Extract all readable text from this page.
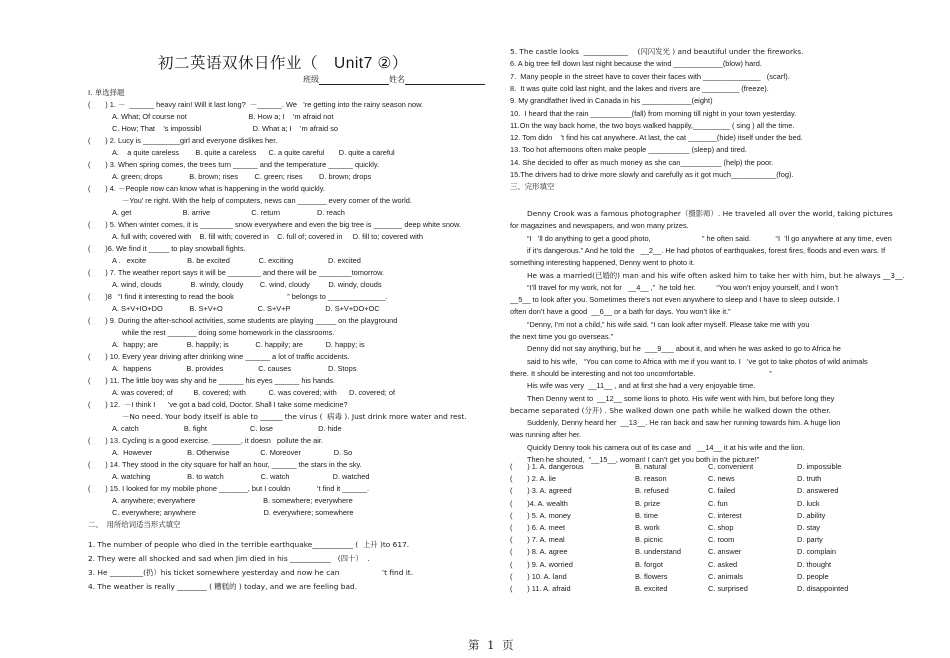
初二英语双休日作业（　Unit7 ②）
班级	姓名
Ⅰ. 单选择题
(　　) 1. －  ______ heavy rain! Will it last long?  －______. We   ’re getting into the rainy season now.
A. What; Of course not                              B. How a; I    ’m afraid not
C. How; That    ’s impossibl                         D. What a; I    ’m afraid so
(　　) 2. Lucy is _________girl and everyone dislikes her.
A.    a quite careless        B. quite a careless      C. a quite careful       D. quite a careful
(　　) 3. When spring comes, the trees turn ______ and the temperature ______ quickly.
A. green; drops             B. brown; rises        C. green; rises        D. brown; drops
(　　) 4. －People now can know what is happening in the world quickly.
－You’ re right. With the help of computers, news can _______ every corner of the world.
A. get                         B. arrive                    C. return                  D. reach
(　　) 5. When winter comes, it is ________ snow everywhere and even the big tree is _______ deep white snow.
A. full with; covered with    B. fill with; covered in    C. full of; covered in     D. fill to; covered with
(　　)6. We find it _____ to play snowball fights.
A .   excite                    B. be excited              C. exciting                 D. excited
(　　) 7. The weather report says it will be ________ and there will be ________tomorrow.
A. wind, clouds              B. windy, cloudy        C. wind, cloudy         D. windy, clouds
(　　)8   “I find it interesting to read the book                          ” belongs to ______________.
A. S+V+IO+DO             B. S+V+O                 C. S+V+P                 D. S+V+DO+OC
(　　) 9. During the after-school activities, some students are playing _____ on the playground
while the rest _______ doing some homework in the classrooms.
A.  happy; are              B. happily; is             C. happily; are           D. happy; is
(　　) 10. Every year driving after drinking wine ______ a lot of traffic accidents.
A.  happens                 B. provides                 C. causes                  D. Stops
(　　) 11. The little boy was shy and he ______ his eyes ______ his hands.
A. was covered; of          B. covered; with           C. was covered; with      D. covered; of
(　　) 12.  －I think I      ’ve got a bad cold, Doctor. Shall I take some medicine?
－No need. Your body itself is able to ______ the virus (  病毒 ). Just drink more water and rest.
A. catch                      B. fight                     C. lose                      D. hide
(　　) 13. Cycling is a good exercise. _______, it doesn   pollute the air.
A.  However                 B. Otherwise               C. Moreover                D. So
(　　) 14. They stood in the city square for half an hour, ______ the stars in the sky.
A. watching                  B. to watch                  C. watch                     D. watched
(　　) 15. I looked for my mobile phone _______, but I couldn             ’t find it ______.
A. anywhere; everywhere                                 B. somewhere; everywhere
C. everywhere; anywhere                                 D. everywhere; somewhere
二、　用所给词适当形式填空
1. The number of people who died in the terrible earthquake___________ (  上升 )to 617.
2. They were all shocked and sad when Jim died in his ___________   (四十）  .
3. He _________(扔）his ticket somewhere yesterday and now he can                  ’t find it.
4. The weather is really ________ ( 糟糕的 ) today, and we are feeling bad.
5. The castle looks  ____________    (闪闪发光 ) and beautiful under the fireworks.
6. A big tree fell down last night because the wind ____________(blow) hard.
7.  Many people in the street have to cover their faces with ______________   (scarf).
8.  It was quite cold last night, and the lakes and rivers are _________ (freeze).
9. My grandfather lived in Canada in his ____________(eight)
10.  I heard that the rain __________(fall) from morning till night in your town yesterday.
11.On the way back home, the two boys walked happily,_________ ( sing ) all the time.
12. Tom didn    ’t find his cat anywhere. At last, the cat _______(hide) itself under the bed.
13. Too hot afternoons often make people __________ (sleep) and tired.
14. She decided to offer as much money as she can__________ (help) the poor.
15.The drivers had to drive more slowly and carefully as it got much___________(fog).
三、完形填空
Denny Crook was a famous photographer（摄影师）. He traveled all over the world, taking pictures
for magazines and newspapers, and won many prizes.
“I   ’ll do anything to get a good photo,                         ” he often said.            “I  ’ll go anywhere at any time, even
if it’s dangerous.” And he told the   __2__. He had photos of earthquakes, forest fires, floods and even wars. If
something interesting happened, Denny went to photo it.
He was a married(已婚的) man and his wife often asked him to take her with him, but he always __3__.
“I’ll travel for my work, not for   __4__ ,”  he told her.          “You won’t enjoy yourself, and I won’t
__5__ to look after you. Sometimes there’s not even anywhere to sleep and I have to sleep outside. I
often don’t have a good  __6__ or a bath for days. You won’t like it.”
“Denny, I’m not a child,” his wife said. “I can look after myself. Please take me with you
the next time you go overseas.”
Denny did not say anything, but he  ___9___ about it, and when he was asked to go to Africa he
said to his wife,   “You can come to Africa with me if you want to. I   ’ve got to take photos of wild animals
there. It should be interesting and not too uncomfortable.                                    ”
His wife was very  __11__ , and at first she had a very enjoyable time.
Then Denny went to  __12__ some lions to photo. His wife went with him, but before long they
became separated (分开) . She walked down one path while he walked down the other.
Suddenly, Denny heard her  __13__. He ran back and saw her running towards him. A huge lion
was running after her.
Quickly Denny took his camera out of its case and   __14__ it at his wife and the lion.
Then he shouted,  “__15__, woman! I can’t get you both in the picture!”
(　　) 1. A. dangerous	B. natural	C. convenient	D. impossible
(　　) 2. A. lie	B. reason	C. news	D. truth
(　　) 3. A. agreed	B. refused	C. failed	D. answered
(　　)4. A. wealth	B. prize	C. fun	D. luck
(　　) 5. A. money	B. time	C. interest	D. ability
(　　) 6. A. meet	B. work	C. shop	D. stay
(　　) 7. A. meal	B. picnic	C. room	D. party
(　　) 8. A. agree	B. understand	C. answer	D. complain
(　　) 9. A. worried	B. forgot	C. asked	D. thought
(　　) 10. A. land	B. flowers	C. animals	D. people
(　　) 11. A. afraid	B. excited	C. surprised	D. disappointed
第 1 页
